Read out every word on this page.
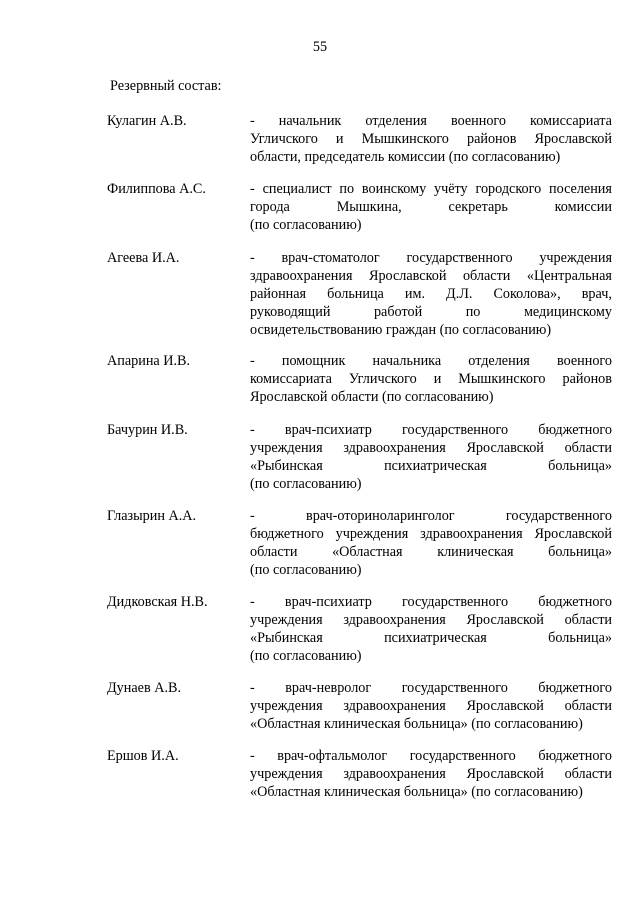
55
Резервный состав:
Кулагин А.В.	- начальник отделения военного комиссариата
Угличского и Мышкинского районов Ярославской
области, председатель комиссии (по согласованию)
Филиппова А.С.	- специалист по воинскому учёту городского поселения
города	Мышкина,	секретарь	комиссии
(по согласованию)
Агеева И.А.	- врач-стоматолог государственного учреждения
здравоохранения Ярославской области «Центральная
районная больница им. Д.Л. Соколова», врач,
руководящий	работой	по	медицинскому
освидетельствованию граждан (по согласованию)
Апарина И.В.	- помощник начальника отделения военного
комиссариата Угличского и Мышкинского районов
Ярославской области (по согласованию)
Бачурин И.В.	- врач-психиатр государственного бюджетного
учреждения здравоохранения Ярославской области
«Рыбинская	психиатрическая	больница»
(по согласованию)
Глазырин А.А.	-	врач-оториноларинголог	государственного
бюджетного учреждения здравоохранения Ярославской
области «Областная клиническая больница»
(по согласованию)
Дидковская Н.В.	- врач-психиатр государственного бюджетного
учреждения здравоохранения Ярославской области
«Рыбинская	психиатрическая	больница»
(по согласованию)
Дунаев А.В.	- врач-невролог государственного бюджетного
учреждения здравоохранения Ярославской области
«Областная клиническая больница» (по согласованию)
Ершов И.А.	- врач-офтальмолог государственного бюджетного
учреждения здравоохранения Ярославской области
«Областная клиническая больница» (по согласованию)
